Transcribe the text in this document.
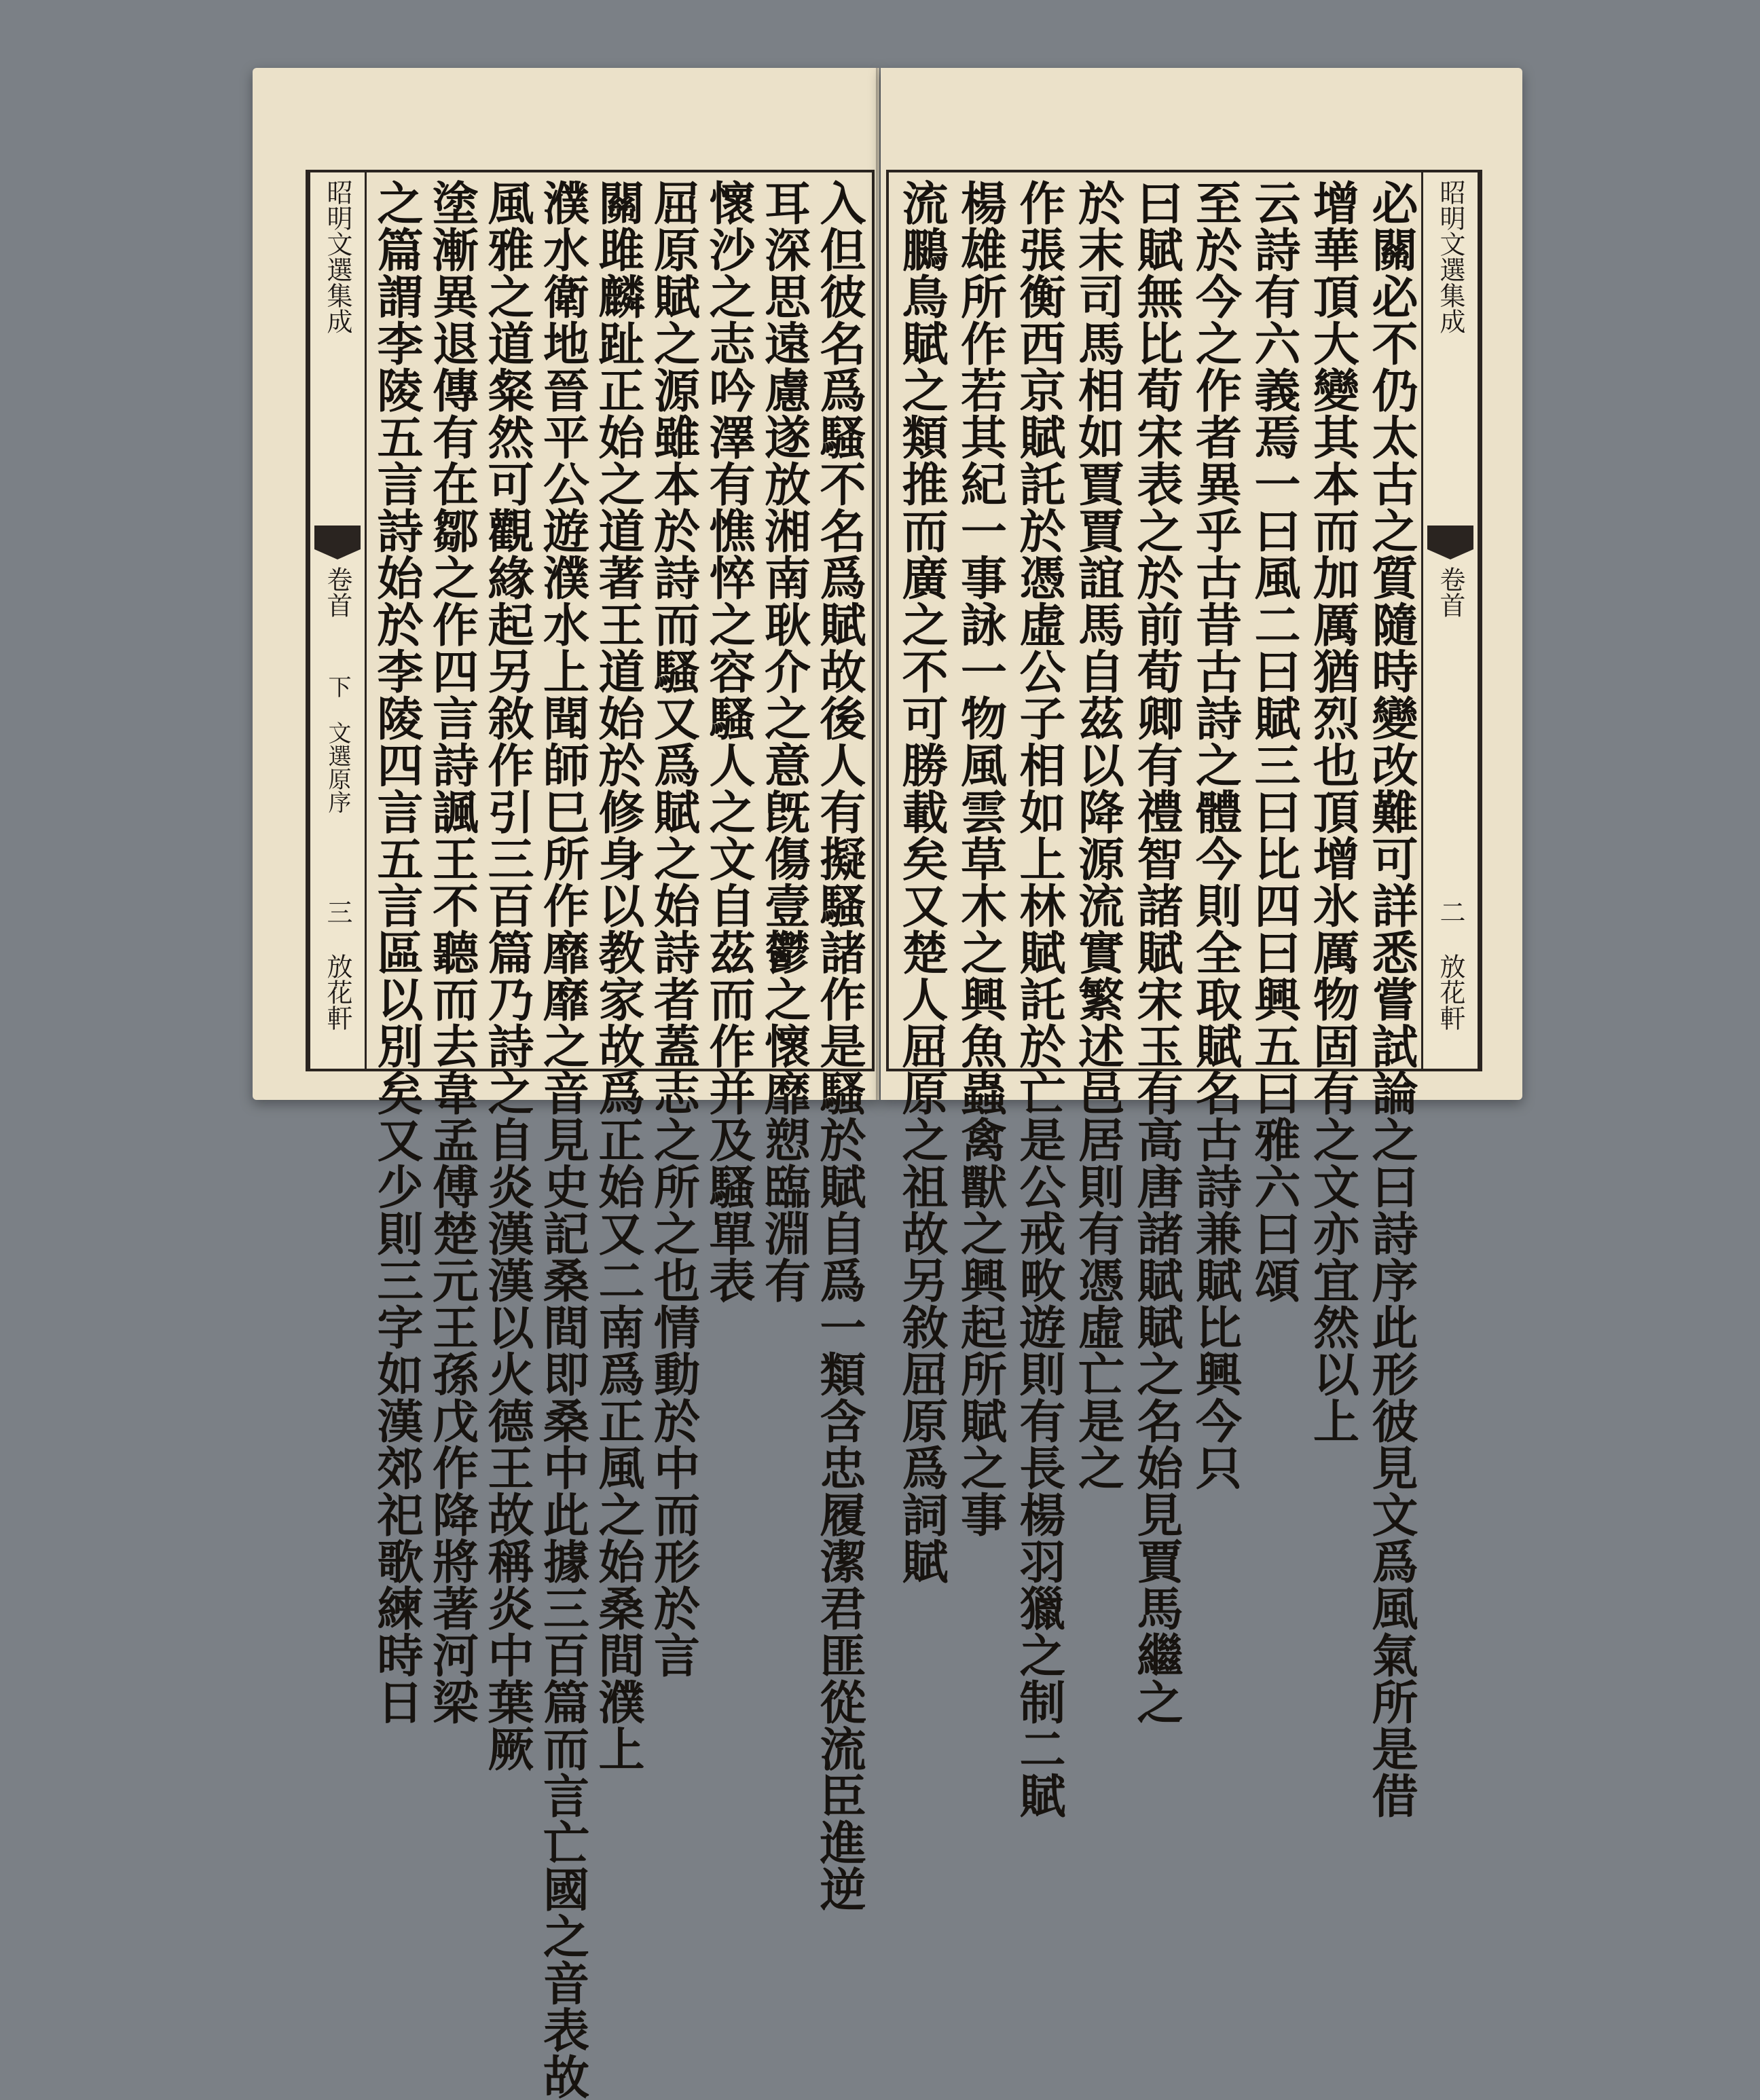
昭明文選集成
卷首
下　文選原序
三
放花軒	入但彼名爲騷不名爲賦故後人有擬騷諸作是騷於賦自爲一類含忠履潔君匪從流臣進逆
耳深思遠慮遂放湘南耿介之意旣傷壹鬱之懷靡愬臨淵有
懷沙之志吟澤有憔悴之容騷人之文自茲而作并及騷單表
屈原賦之源雖本於詩而騷又爲賦之始詩者蓋志之所之也情動於中而形於言
關雎麟趾正始之道著王道始於修身以教家故爲正始又二南爲正風之始桑間濮上
濮水衛地晉平公遊濮水上聞師巳所作靡靡之音見史記桑間即桑中此據三百篇而言亡國之音表故
風雅之道粲然可觀緣起另敘作引三百篇乃詩之自炎漢漢以火德王故稱炎中葉厥
塗漸異退傳有在鄒之作四言詩諷王不聽而去韋孟傅楚元王孫戊作降將著河梁
之篇謂李陵五言詩始於李陵四言五言區以別矣又少則三字如漢郊祀歌練時日	必關必不仍太古之質隨時變改難可詳悉嘗試論之曰詩序此形彼見文爲風氣所是借
增華頂大變其本而加厲猶烈也頂增氷厲物固有之文亦宜然以上
云詩有六義焉一曰風二曰賦三曰比四曰興五曰雅六曰頌
至於今之作者異乎古昔古詩之體今則全取賦名古詩兼賦比興今只
曰賦無比荀宋表之於前荀卿有禮智諸賦宋玉有高唐諸賦賦之名始見賈馬繼之
於末司馬相如賈賈誼馬自茲以降源流實繁述邑居則有憑虛亡是之
作張衡西京賦託於憑虛公子相如上林賦託於亡是公戒畋遊則有長楊羽獵之制二賦
楊雄所作若其紀一事詠一物風雲草木之興魚蟲禽獸之興起所賦之事
流鵩鳥賦之類推而廣之不可勝載矣又楚人屈原之祖故另敘屈原爲詞賦	昭明文選集成
卷首
二
放花軒
